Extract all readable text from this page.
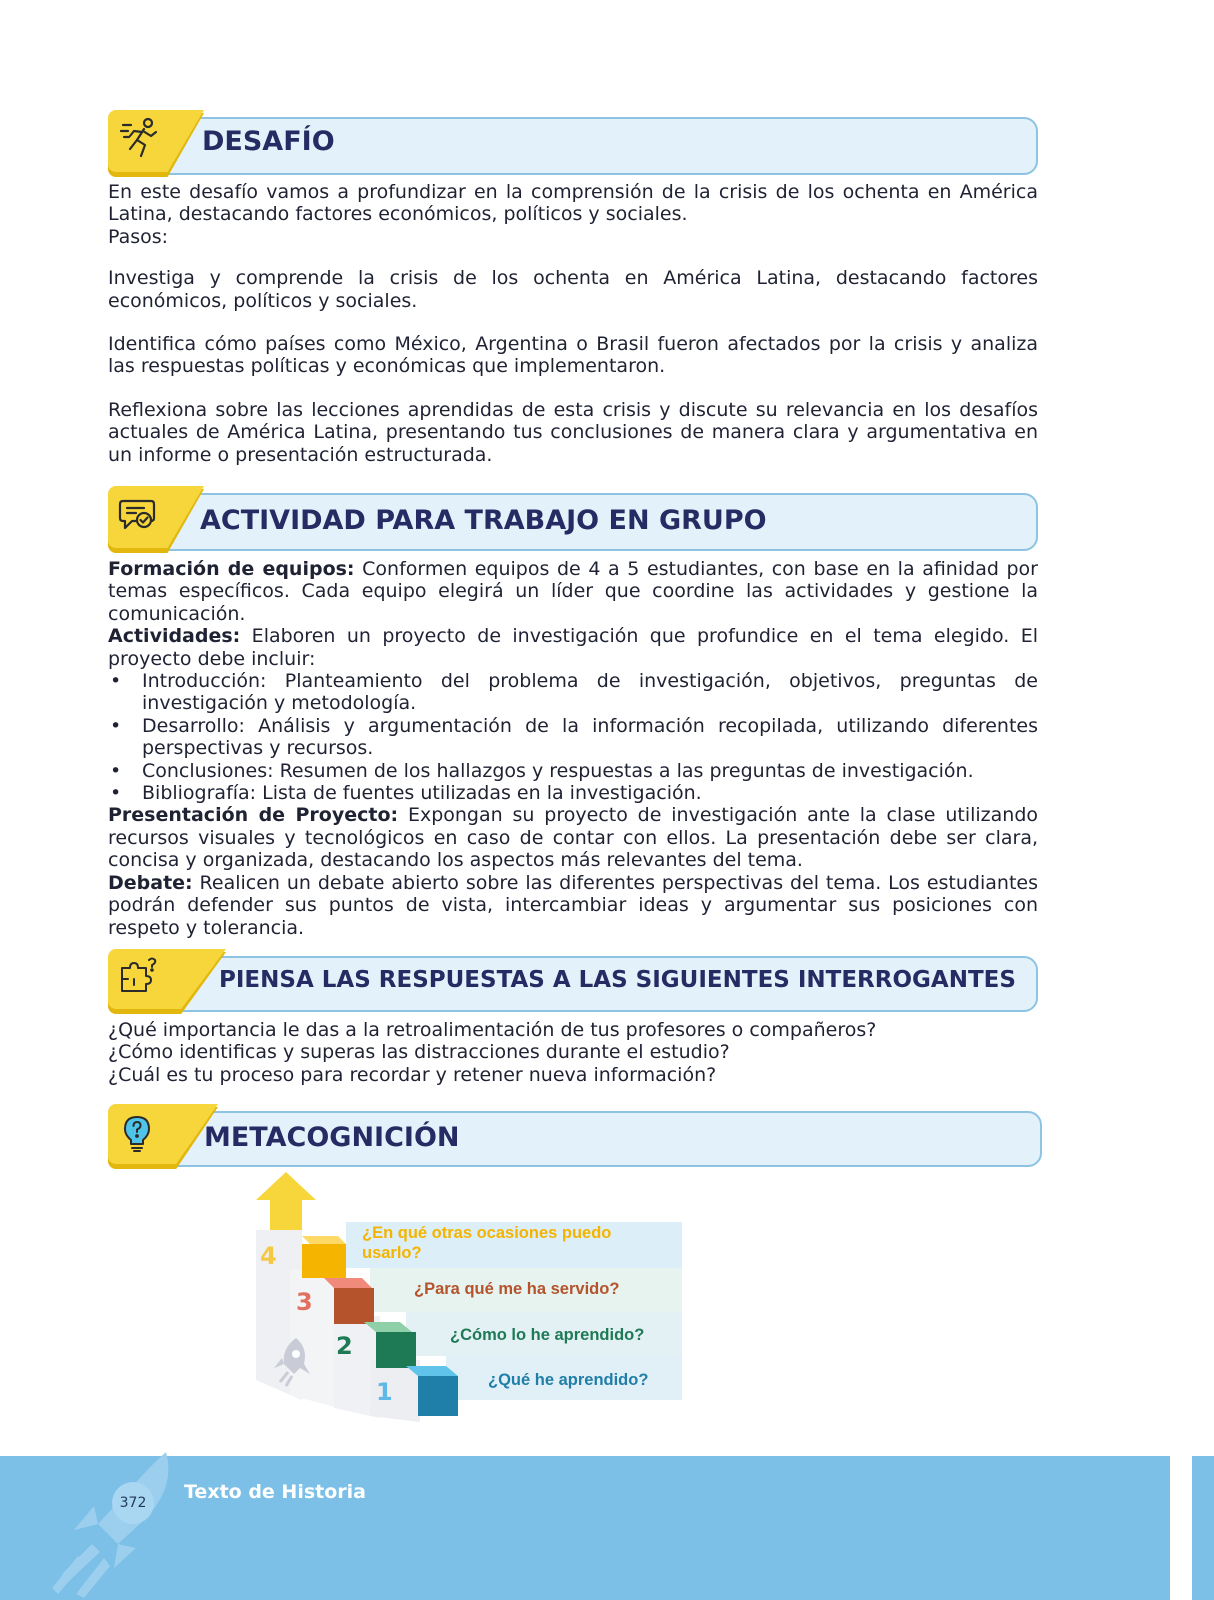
DESAFÍO

En este desafío vamos a profundizar en la comprensión de la crisis de los ochenta en América Latina, destacando factores económicos, políticos y sociales.

Pasos:

Investiga y comprende la crisis de los ochenta en América Latina, destacando factores económicos, políticos y sociales.

Identifica cómo países como México, Argentina o Brasil fueron afectados por la crisis y analiza las respuestas políticas y económicas que implementaron.

Reflexiona sobre las lecciones aprendidas de esta crisis y discute su relevancia en los desafíos actuales de América Latina, presentando tus conclusiones de manera clara y argumentativa en un informe o presentación estructurada.

ACTIVIDAD PARA TRABAJO EN GRUPO

Formación de equipos: Conformen equipos de 4 a 5 estudiantes, con base en la afinidad por temas específicos. Cada equipo elegirá un líder que coordine las actividades y gestione la comunicación.

Actividades: Elaboren un proyecto de investigación que profundice en el tema elegido. El proyecto debe incluir:

• Introducción: Planteamiento del problema de investigación, objetivos, preguntas de investigación y metodología.
• Desarrollo: Análisis y argumentación de la información recopilada, utilizando diferentes perspectivas y recursos.
• Conclusiones: Resumen de los hallazgos y respuestas a las preguntas de investigación.
• Bibliografía: Lista de fuentes utilizadas en la investigación.

Presentación de Proyecto: Expongan su proyecto de investigación ante la clase utilizando recursos visuales y tecnológicos en caso de contar con ellos. La presentación debe ser clara, concisa y organizada, destacando los aspectos más relevantes del tema.

Debate: Realicen un debate abierto sobre las diferentes perspectivas del tema. Los estudiantes podrán defender sus puntos de vista, intercambiar ideas y argumentar sus posiciones con respeto y tolerancia.

PIENSA LAS RESPUESTAS A LAS SIGUIENTES INTERROGANTES

¿Qué importancia le das a la retroalimentación de tus profesores o compañeros?

¿Cómo identificas y superas las distracciones durante el estudio?

¿Cuál es tu proceso para recordar y retener nueva información?

METACOGNICIÓN
4
3
2
1
¿En qué otras ocasiones puedo
usarlo?
¿Para qué me ha servido?
¿Cómo lo he aprendido?
¿Qué he aprendido?
372	Texto de Historia
